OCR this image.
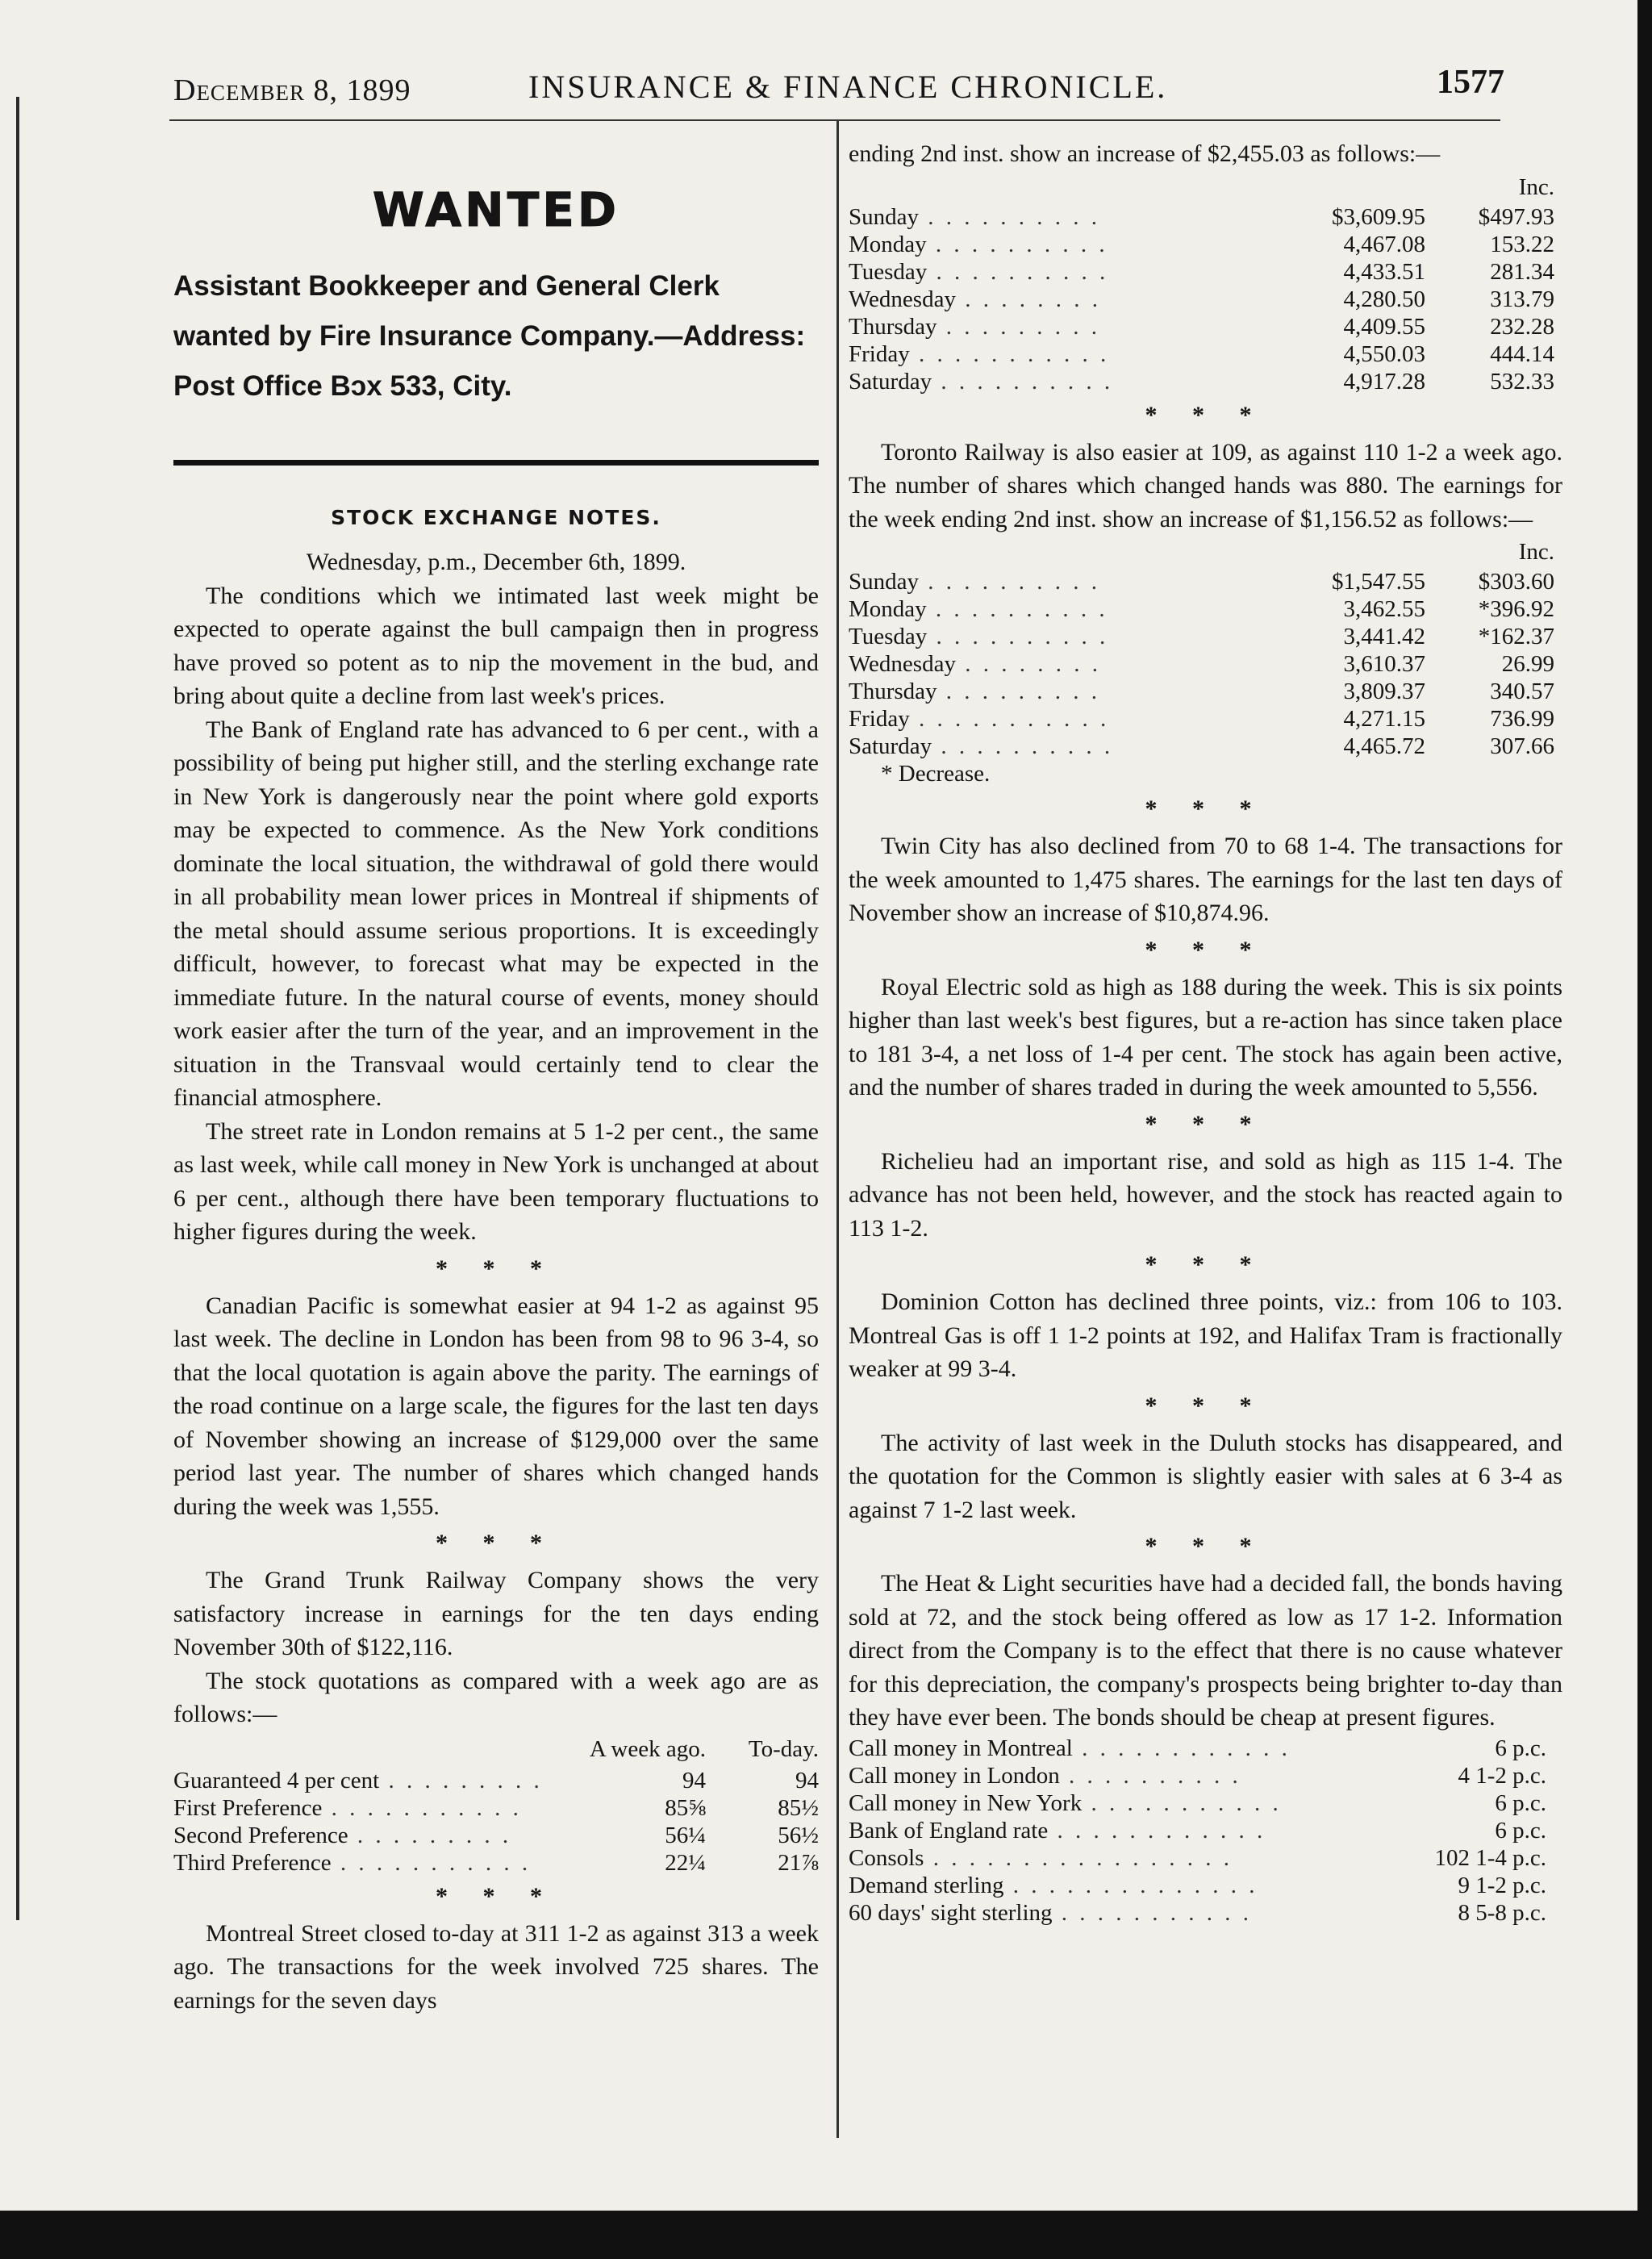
December 8, 1899	INSURANCE & FINANCE CHRONICLE.	1577
WANTED
Assistant Bookkeeper and General Clerk wanted by Fire Insurance Company.—Address: Post Office Bɔx 533, City.
STOCK EXCHANGE NOTES.

Wednesday, p.m., December 6th, 1899.

The conditions which we intimated last week might be expected to operate against the bull campaign then in progress have proved so potent as to nip the movement in the bud, and bring about quite a decline from last week's prices.

The Bank of England rate has advanced to 6 per cent., with a possibility of being put higher still, and the sterling exchange rate in New York is dangerously near the point where gold exports may be expected to commence. As the New York conditions dominate the local situation, the withdrawal of gold there would in all probability mean lower prices in Montreal if shipments of the metal should assume serious proportions. It is exceedingly difficult, however, to forecast what may be expected in the immediate future. In the natural course of events, money should work easier after the turn of the year, and an improvement in the situation in the Transvaal would certainly tend to clear the financial atmosphere.

The street rate in London remains at 5 1-2 per cent., the same as last week, while call money in New York is unchanged at about 6 per cent., although there have been temporary fluctuations to higher figures during the week.

* * *

Canadian Pacific is somewhat easier at 94 1-2 as against 95 last week. The decline in London has been from 98 to 96 3-4, so that the local quotation is again above the parity. The earnings of the road continue on a large scale, the figures for the last ten days of November showing an increase of $129,000 over the same period last year. The number of shares which changed hands during the week was 1,555.

* * *

The Grand Trunk Railway Company shows the very satisfactory increase in earnings for the ten days ending November 30th of $122,116.

The stock quotations as compared with a week ago are as follows:—

	A week ago.	To-day.
Guaranteed 4 per cent . . . . . . . . .	94	94
First Preference . . . . . . . . . . .	85⅝	85½
Second Preference . . . . . . . . .	56¼	56½
Third Preference . . . . . . . . . . .	22¼	21⅞
* * *

Montreal Street closed to-day at 311 1-2 as against 313 a week ago. The transactions for the week involved 725 shares. The earnings for the seven days

ending 2nd inst. show an increase of $2,455.03 as follows:—

Inc.		
Sunday . . . . . . . . . .	$3,609.95	$497.93
Monday . . . . . . . . . .	4,467.08	153.22
Tuesday . . . . . . . . . .	4,433.51	281.34
Wednesday . . . . . . . .	4,280.50	313.79
Thursday . . . . . . . . .	4,409.55	232.28
Friday . . . . . . . . . . .	4,550.03	444.14
Saturday . . . . . . . . . .	4,917.28	532.33
* * *

Toronto Railway is also easier at 109, as against 110 1-2 a week ago. The number of shares which changed hands was 880. The earnings for the week ending 2nd inst. show an increase of $1,156.52 as follows:—

Inc.		
Sunday . . . . . . . . . .	$1,547.55	$303.60
Monday . . . . . . . . . .	3,462.55	*396.92
Tuesday . . . . . . . . . .	3,441.42	*162.37
Wednesday . . . . . . . .	3,610.37	26.99
Thursday . . . . . . . . .	3,809.37	340.57
Friday . . . . . . . . . . .	4,271.15	736.99
Saturday . . . . . . . . . .	4,465.72	307.66
* Decrease.
* * *

Twin City has also declined from 70 to 68 1-4. The transactions for the week amounted to 1,475 shares. The earnings for the last ten days of November show an increase of $10,874.96.

* * *

Royal Electric sold as high as 188 during the week. This is six points higher than last week's best figures, but a re-action has since taken place to 181 3-4, a net loss of 1-4 per cent. The stock has again been active, and the number of shares traded in during the week amounted to 5,556.

* * *

Richelieu had an important rise, and sold as high as 115 1-4. The advance has not been held, however, and the stock has reacted again to 113 1-2.

* * *

Dominion Cotton has declined three points, viz.: from 106 to 103. Montreal Gas is off 1 1-2 points at 192, and Halifax Tram is fractionally weaker at 99 3-4.

* * *

The activity of last week in the Duluth stocks has disappeared, and the quotation for the Common is slightly easier with sales at 6 3-4 as against 7 1-2 last week.

* * *

The Heat & Light securities have had a decided fall, the bonds having sold at 72, and the stock being offered as low as 17 1-2. Information direct from the Company is to the effect that there is no cause whatever for this depreciation, the company's prospects being brighter to-day than they have ever been. The bonds should be cheap at present figures.

Call money in Montreal . . . . . . . . . . . .	6 p.c.
Call money in London . . . . . . . . . .	4 1-2 p.c.
Call money in New York . . . . . . . . . . .	6 p.c.
Bank of England rate . . . . . . . . . . . .	6 p.c.
Consols . . . . . . . . . . . . . . . . .	102 1-4 p.c.
Demand sterling . . . . . . . . . . . . . .	9 1-2 p.c.
60 days' sight sterling . . . . . . . . . . .	8 5-8 p.c.
